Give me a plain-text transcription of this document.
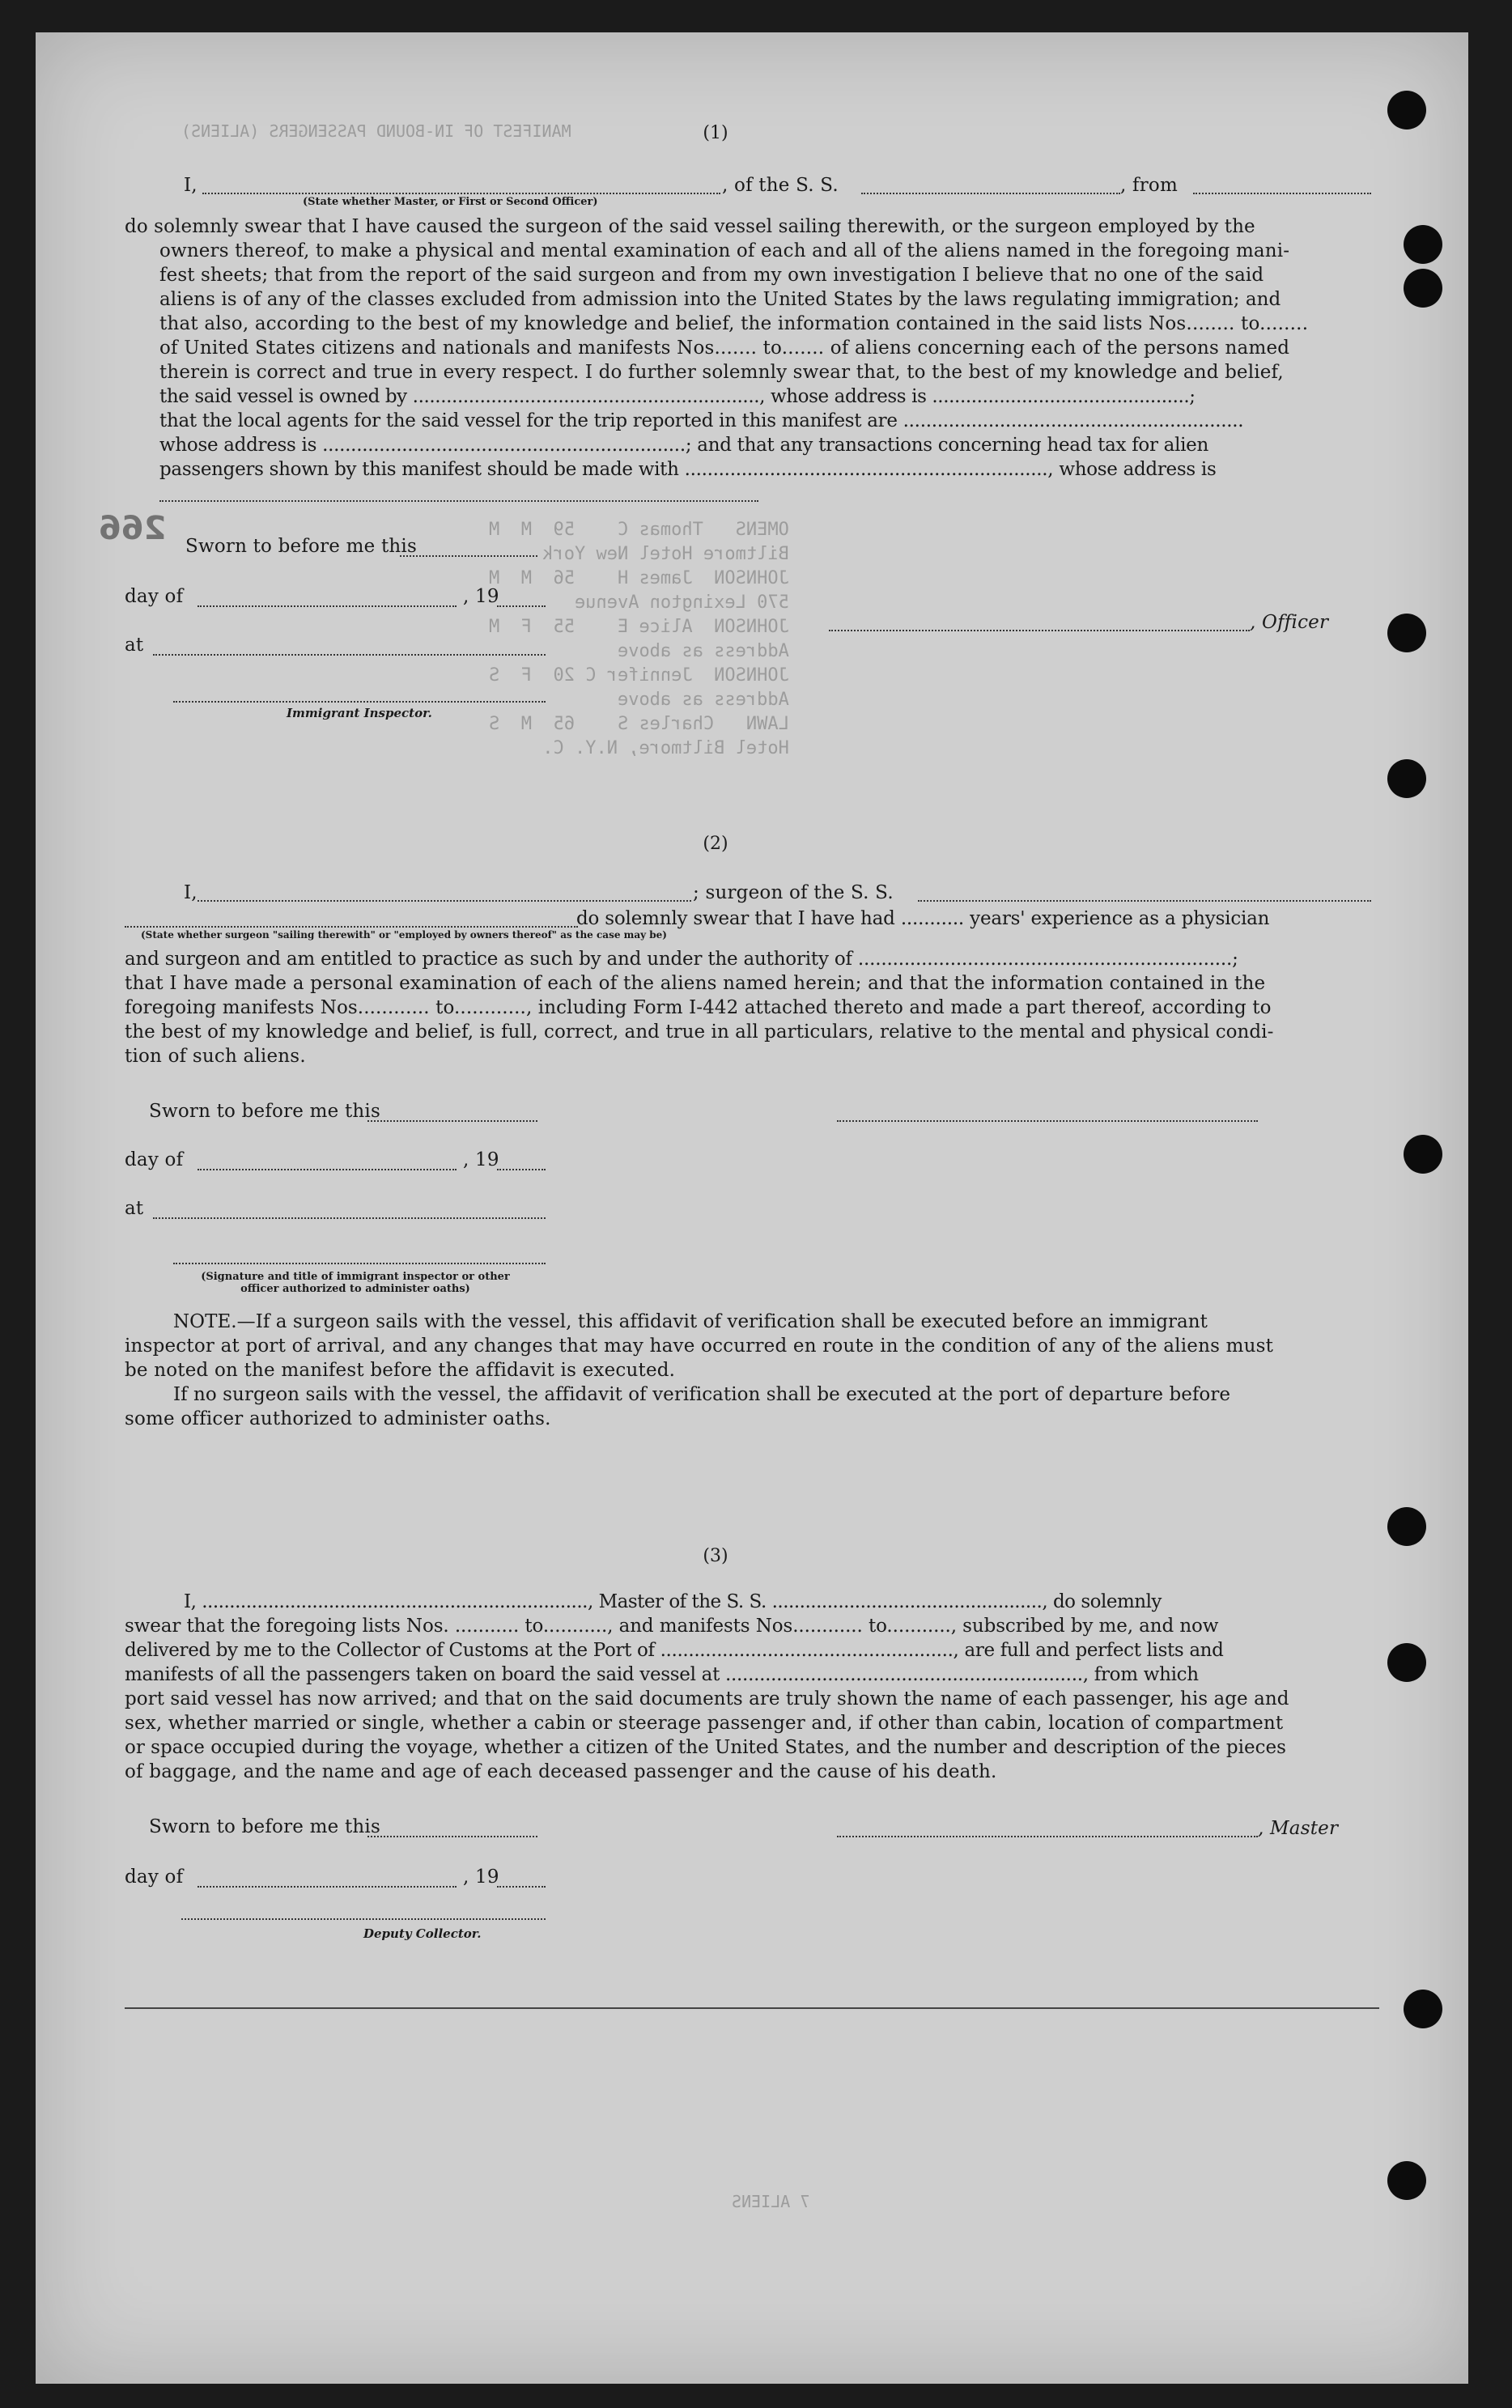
MANIFEST OF IN-BOUND PASSENGERS (ALIENS)
OMENS   Thomas C    59  M  M
Biltmore Hotel New York
JOHNSON  James H    56  M  M
570 Lexington Avenue
JOHNSON  Alice E    55  F  M
Address as above
JOHNSON  Jennifer C 20  F  S
Address as above
LAWN   Charles S    65  M  S
Hotel Biltmore, N.Y. C.
(1)
I,	, of the S. S.	, from
(State whether Master, or First or Second Officer)
do solemnly swear that I have caused the surgeon of the said vessel sailing therewith, or the surgeon employed by the
owners thereof, to make a physical and mental examination of each and all of the aliens named in the foregoing mani-
fest sheets; that from the report of the said surgeon and from my own investigation I believe that no one of the said
aliens is of any of the classes excluded from admission into the United States by the laws regulating immigration; and
that also, according to the best of my knowledge and belief, the information contained in the said lists Nos........ to........
of United States citizens and nationals and manifests Nos....... to....... of aliens concerning each of the persons named
therein is correct and true in every respect. I do further solemnly swear that, to the best of my knowledge and belief,
the said vessel is owned by .............................................................., whose address is ..............................................;
that the local agents for the said vessel for the trip reported in this manifest are ............................................................
whose address is ................................................................; and that any transactions concerning head tax for alien
passengers shown by this manifest should be made with ................................................................, whose address is
266 Sworn to before me this
day of	, 19
at
, Officer
Immigrant Inspector.
(2)
I,	; surgeon of the S. S.
do solemnly swear that I have had ........... years' experience as a physician
(State whether surgeon "sailing therewith" or "employed by owners thereof" as the case may be)
and surgeon and am entitled to practice as such by and under the authority of .................................................................;
that I have made a personal examination of each of the aliens named herein; and that the information contained in the
foregoing manifests Nos............ to............, including Form I-442 attached thereto and made a part thereof, according to
the best of my knowledge and belief, is full, correct, and true in all particulars, relative to the mental and physical condi-
tion of such aliens.
Sworn to before me this
day of	, 19
at
(Signature and title of immigrant inspector or other officer authorized to administer oaths)
NOTE.—If a surgeon sails with the vessel, this affidavit of verification shall be executed before an immigrant
inspector at port of arrival, and any changes that may have occurred en route in the condition of any of the aliens must
be noted on the manifest before the affidavit is executed.
If no surgeon sails with the vessel, the affidavit of verification shall be executed at the port of departure before
some officer authorized to administer oaths.
(3)
I, ......................................................................, Master of the S. S. ................................................., do solemnly
swear that the foregoing lists Nos. ........... to..........., and manifests Nos............ to..........., subscribed by me, and now
delivered by me to the Collector of Customs at the Port of ...................................................., are full and perfect lists and
manifests of all the passengers taken on board the said vessel at ..............................................................., from which
port said vessel has now arrived; and that on the said documents are truly shown the name of each passenger, his age and
sex, whether married or single, whether a cabin or steerage passenger and, if other than cabin, location of compartment
or space occupied during the voyage, whether a citizen of the United States, and the number and description of the pieces
of baggage, and the name and age of each deceased passenger and the cause of his death.
Sworn to before me this	, Master
day of	, 19
Deputy Collector.
7 ALIENS
